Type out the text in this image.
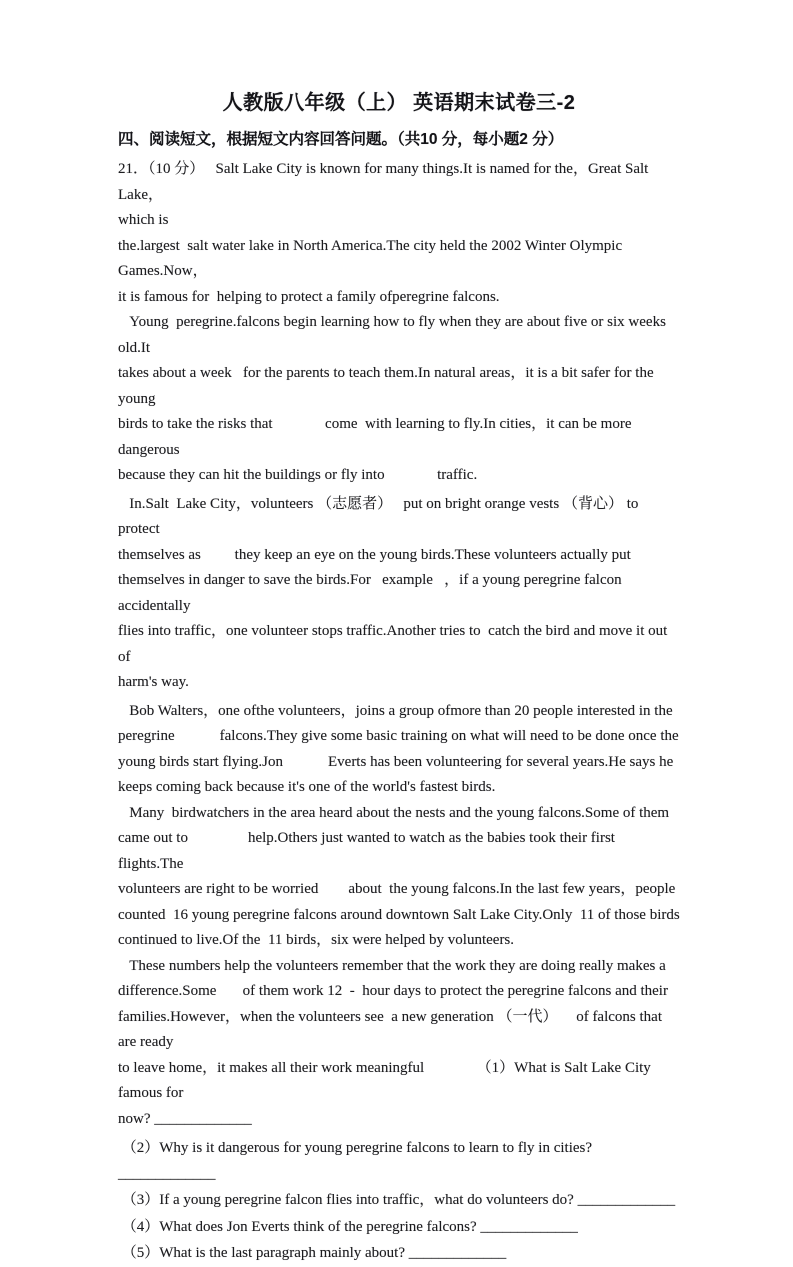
人教版八年级（上） 英语期末试卷三-2
四、阅读短文，根据短文内容回答问题。（共10 分，每小题2 分）
21．（10 分）   Salt Lake City is known for many things.It is named for the，Great Salt Lake，
which is
the.largest  salt water lake in North America.The city held the 2002 Winter Olympic Games.Now，
it is famous for  helping to protect a family ofperegrine falcons.
Young  peregrine.falcons begin learning how to fly when they are about five or six weeks old.It
takes about a week   for the parents to teach them.In natural areas，it is a bit safer for the young
birds to take the risks that              come  with learning to fly.In cities，it can be more dangerous
because they can hit the buildings or fly into              traffic.
In.Salt  Lake City，volunteers （志愿者）   put on bright orange vests （背心） to protect
themselves as         they keep an eye on the young birds.These volunteers actually put
themselves in danger to save the birds.For   example   ，if a young peregrine falcon accidentally
flies into traffic，one volunteer stops traffic.Another tries to  catch the bird and move it out of
harm's way.
Bob Walters，one ofthe volunteers，joins a group ofmore than 20 people interested in the
peregrine            falcons.They give some basic training on what will need to be done once the
young birds start flying.Jon            Everts has been volunteering for several years.He says he
keeps coming back because it's one of the world's fastest birds.
Many  birdwatchers in the area heard about the nests and the young falcons.Some of them
came out to                help.Others just wanted to watch as the babies took their first flights.The
volunteers are right to be worried        about  the young falcons.In the last few years，people
counted  16 young peregrine falcons around downtown Salt Lake City.Only  11 of those birds
continued to live.Of the  11 birds，six were helped by volunteers.
These numbers help the volunteers remember that the work they are doing really makes a
difference.Some       of them work 12  -  hour days to protect the peregrine falcons and their
families.However，when the volunteers see  a new generation （一代）     of falcons that are ready
to leave home，it makes all their work meaningful              （1）What is Salt Lake City famous for
now? _____________
（2）Why is it dangerous for young peregrine falcons to learn to fly in cities? _____________
（3）If a young peregrine falcon flies into traffic，what do volunteers do? _____________
（4）What does Jon Everts think of the peregrine falcons? _____________
（5）What is the last paragraph mainly about? _____________
